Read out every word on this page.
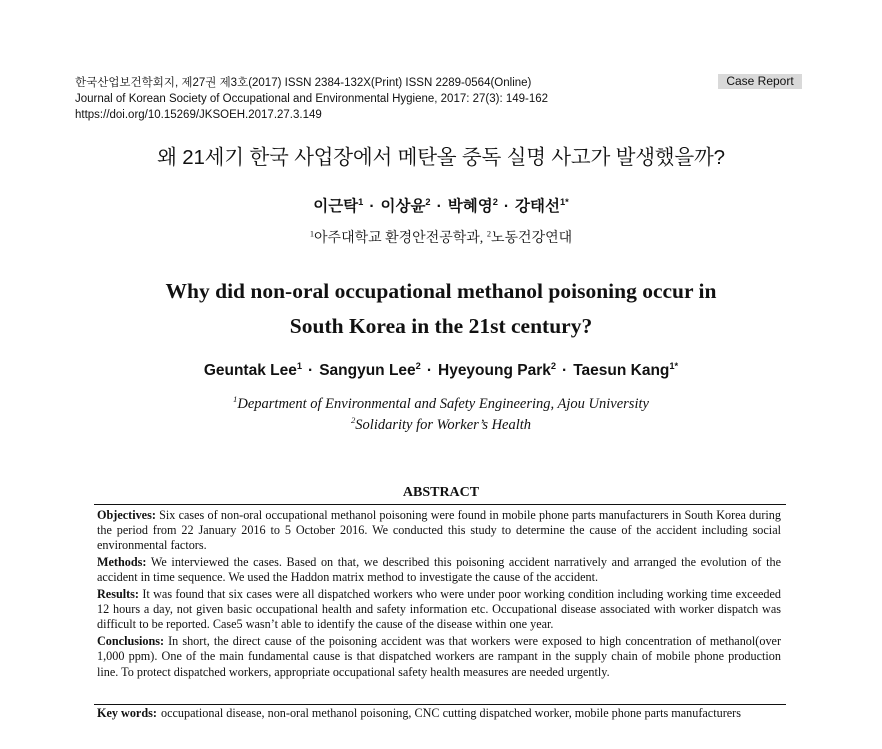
한국산업보건학회지, 제27권 제3호(2017) ISSN 2384-132X(Print) ISSN 2289-0564(Online)
Journal of Korean Society of Occupational and Environmental Hygiene, 2017: 27(3): 149-162
https://doi.org/10.15269/JKSOEH.2017.27.3.149
Case Report
왜 21세기 한국 사업장에서 메탄올 중독 실명 사고가 발생했을까?
이근탁$^1$ · 이상윤$^2$ · 박혜영$^2$ · 강태선$^{1*}$
$^1$아주대학교 환경안전공학과, $^2$노동건강연대
Why did non-oral occupational methanol poisoning occur in
South Korea in the 21st century?
Geuntak Lee$^1$ · Sangyun Lee$^2$ · Hyeyoung Park$^2$ · Taesun Kang$^{1*}$
$^1$Department of Environmental and Safety Engineering, Ajou University
$^2$Solidarity for Worker’s Health
ABSTRACT

Objectives: Six cases of non-oral occupational methanol poisoning were found in mobile phone parts manufacturers in South Korea during the period from 22 January 2016 to 5 October 2016. We conducted this study to determine the cause of the accident including social environmental factors.

Methods: We interviewed the cases. Based on that, we described this poisoning accident narratively and arranged the evolution of the accident in time sequence. We used the Haddon matrix method to investigate the cause of the accident.

Results: It was found that six cases were all dispatched workers who were under poor working condition including working time exceeded 12 hours a day, not given basic occupational health and safety information etc. Occupational disease associated with worker dispatch was difficult to be reported. Case5 wasn’t able to identify the cause of the disease within one year.

Conclusions: In short, the direct cause of the poisoning accident was that workers were exposed to high concentration of methanol(over 1,000 ppm). One of the main fundamental cause is that dispatched workers are rampant in the supply chain of mobile phone production line. To protect dispatched workers, appropriate occupational safety health measures are needed urgently.

Key words: occupational disease, non-oral methanol poisoning, CNC cutting dispatched worker, mobile phone parts manufacturers
